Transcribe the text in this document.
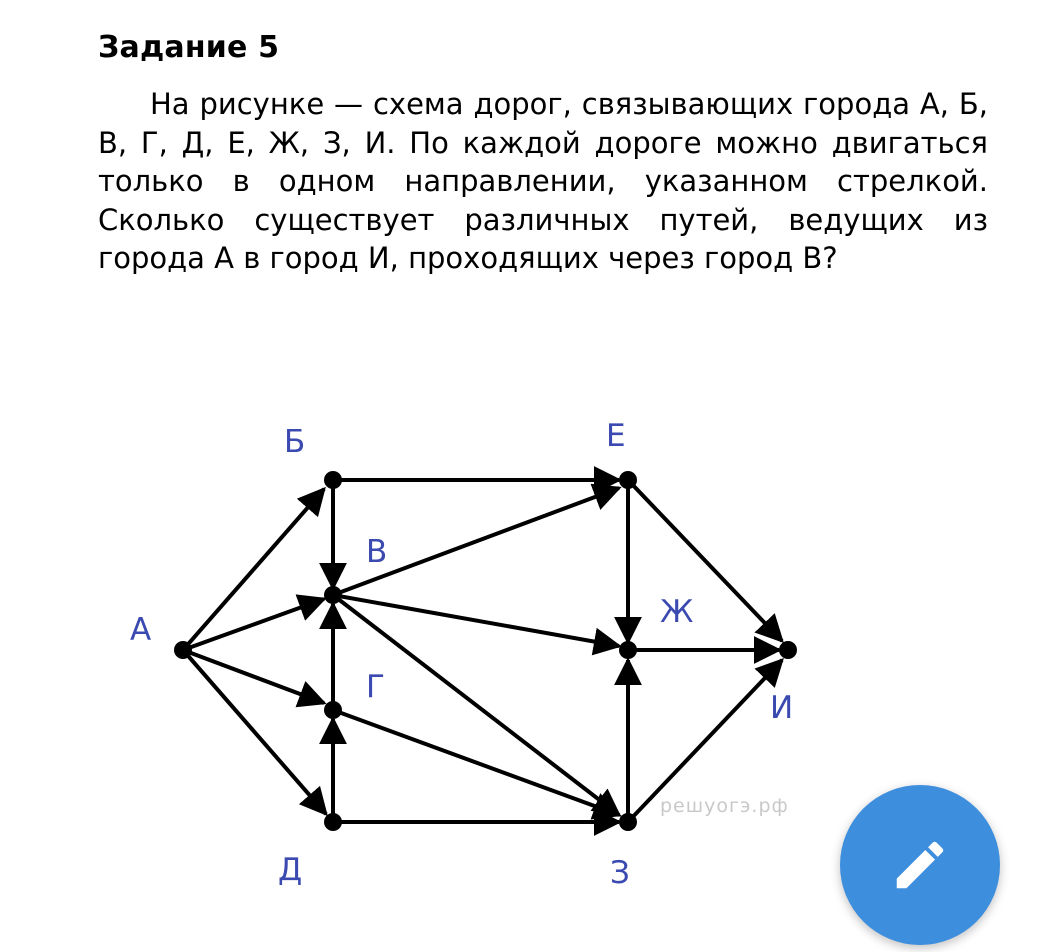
Задание 5

На рисунке — схема дорог, связывающих города А, Б, В, Г, Д, Е, Ж, З, И. По каждой дороге можно двигаться только в одном направлении, указанном стрелкой. Сколько существует различных путей, ведущих из города А в город И, проходящих через город В?

А
Б
В
Г
Д
Е
Ж
З
И
решуогэ.рф
